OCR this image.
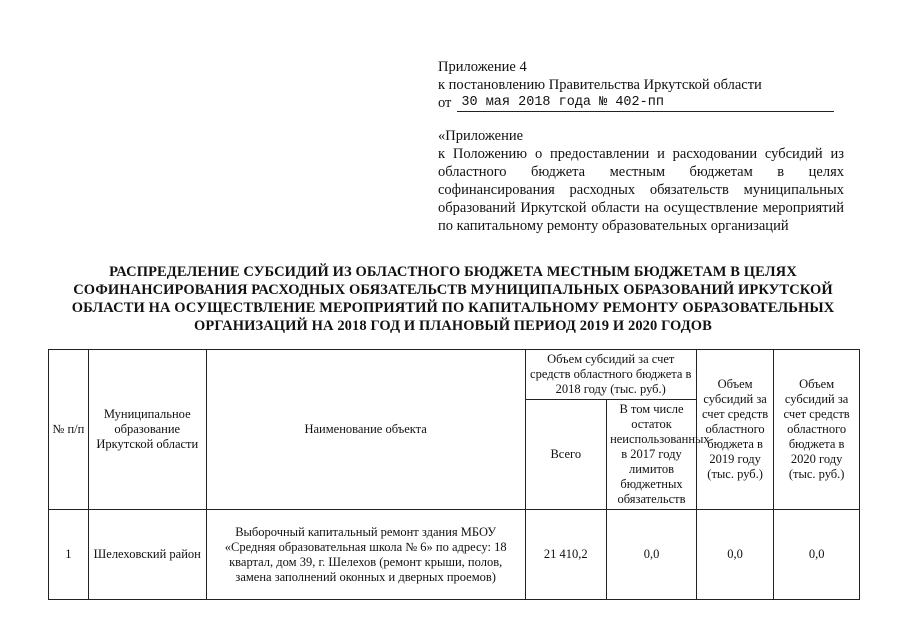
Приложение 4
к постановлению Правительства Иркутской области
от 30 мая 2018 года № 402-пп
«Приложение
к Положению о предоставлении и расходовании субсидий из областного бюджета местным бюджетам в целях софинансирования расходных обязательств муниципальных образований Иркутской области на осуществление мероприятий по капитальному ремонту образовательных организаций
РАСПРЕДЕЛЕНИЕ СУБСИДИЙ ИЗ ОБЛАСТНОГО БЮДЖЕТА МЕСТНЫМ БЮДЖЕТАМ В ЦЕЛЯХ
СОФИНАНСИРОВАНИЯ РАСХОДНЫХ ОБЯЗАТЕЛЬСТВ МУНИЦИПАЛЬНЫХ ОБРАЗОВАНИЙ ИРКУТСКОЙ
ОБЛАСТИ НА ОСУЩЕСТВЛЕНИЕ МЕРОПРИЯТИЙ ПО КАПИТАЛЬНОМУ РЕМОНТУ ОБРАЗОВАТЕЛЬНЫХ
ОРГАНИЗАЦИЙ НА 2018 ГОД И ПЛАНОВЫЙ ПЕРИОД 2019 И 2020 ГОДОВ
№ п/п	Муниципальное образование Иркутской области	Наименование объекта	Объем субсидий за счет средств областного бюджета в 2018 году (тыс. руб.)		Объем субсидий за счет средств областного бюджета в 2019 году (тыс. руб.)	Объем субсидий за счет средств областного бюджета в 2020 году (тыс. руб.)
			Всего	В том числе остаток неиспользованных в 2017 году лимитов бюджетных обязательств		
1	Шелеховский район	Выборочный капитальный ремонт здания МБОУ «Средняя образовательная школа № 6» по адресу: 18 квартал, дом 39, г. Шелехов (ремонт крыши, полов, замена заполнений оконных и дверных проемов)	21 410,2	0,0	0,0	0,0
